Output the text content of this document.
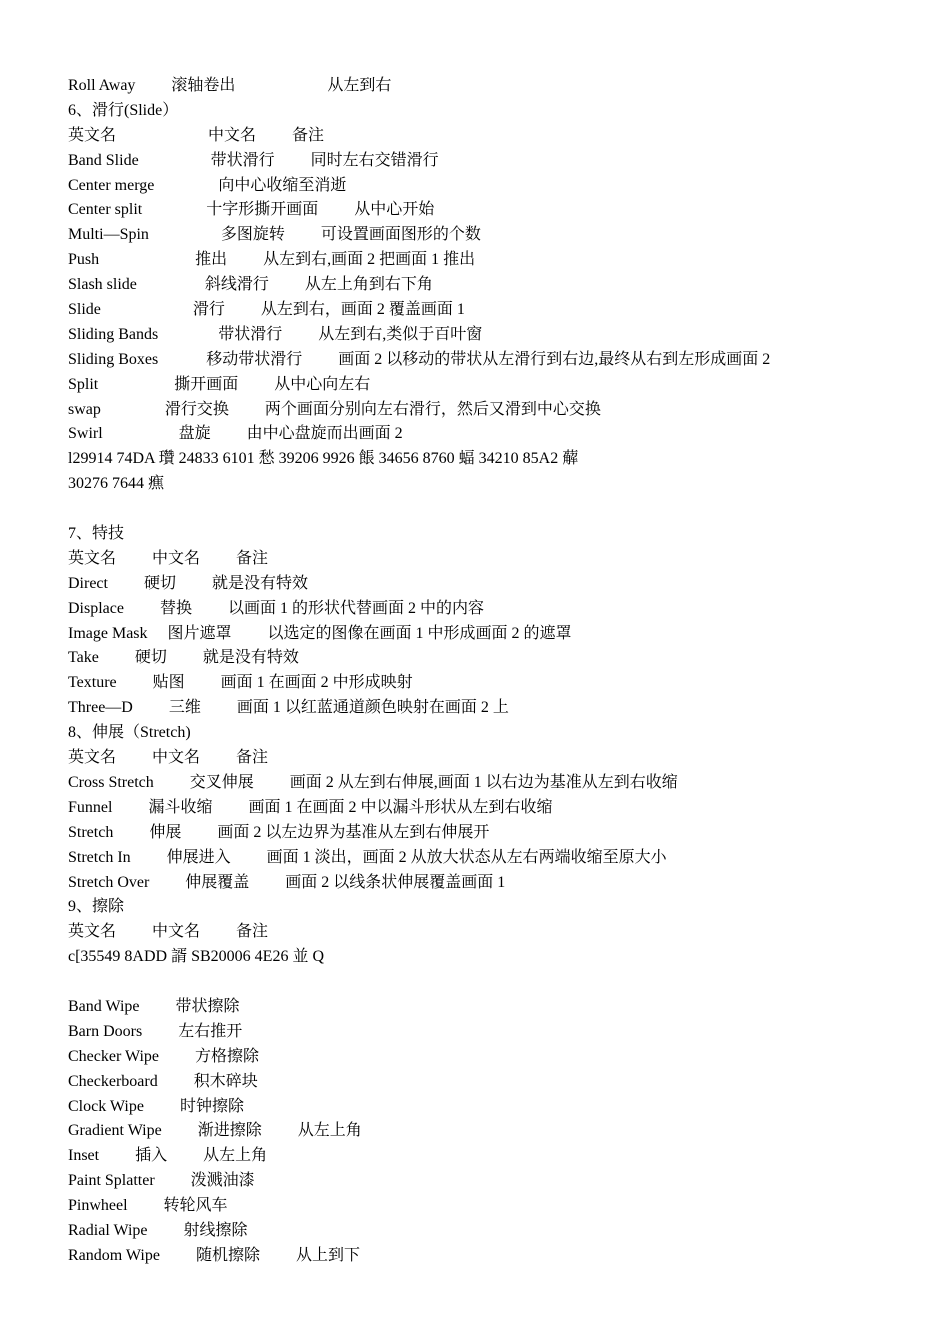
Roll Away         滚轴卷出                       从左到右
6、滑行(Slide）
英文名                       中文名         备注
Band Slide                  带状滑行         同时左右交错滑行
Center merge                向中心收缩至消逝
Center split                十字形撕开画面         从中心开始
Multi—Spin                  多图旋转         可设置画面图形的个数
Push                        推出         从左到右,画面 2 把画面 1 推出
Slash slide                 斜线滑行         从左上角到右下角
Slide                       滑行         从左到右，画面 2 覆盖画面 1
Sliding Bands               带状滑行         从左到右,类似于百叶窗
Sliding Boxes            移动带状滑行         画面 2 以移动的带状从左滑行到右边,最终从右到左形成画面 2
Split                   撕开画面         从中心向左右
swap                滑行交换         两个画面分别向左右滑行，然后又滑到中心交换
Swirl                   盘旋         由中心盘旋而出画面 2
l29914 74DA 瓚 24833 6101 愁 39206 9926 餦 34656 8760 蝠 34210 85A2 薢
30276 7644 癄
7、特技
英文名         中文名         备注
Direct         硬切         就是没有特效
Displace         替换         以画面 1 的形状代替画面 2 中的内容
Image Mask     图片遮罩         以选定的图像在画面 1 中形成画面 2 的遮罩
Take         硬切         就是没有特效
Texture         贴图         画面 1 在画面 2 中形成映射
Three—D         三维         画面 1 以红蓝通道颜色映射在画面 2 上
8、伸展（Stretch)
英文名         中文名         备注
Cross Stretch         交叉伸展         画面 2 从左到右伸展,画面 1 以右边为基准从左到右收缩
Funnel         漏斗收缩         画面 1 在画面 2 中以漏斗形状从左到右收缩
Stretch         伸展         画面 2 以左边界为基准从左到右伸展开
Stretch In         伸展进入         画面 1 淡出，画面 2 从放大状态从左右两端收缩至原大小
Stretch Over         伸展覆盖         画面 2 以线条状伸展覆盖画面 1
9、擦除
英文名         中文名         备注
c[35549 8ADD 諝 SB20006 4E26 並 Q
Band Wipe         带状擦除
Barn Doors         左右推开
Checker Wipe         方格擦除
Checkerboard         积木碎块
Clock Wipe         时钟擦除
Gradient Wipe         渐进擦除         从左上角
Inset         插入         从左上角
Paint Splatter         泼溅油漆
Pinwheel         转轮风车
Radial Wipe         射线擦除
Random Wipe         随机擦除         从上到下
